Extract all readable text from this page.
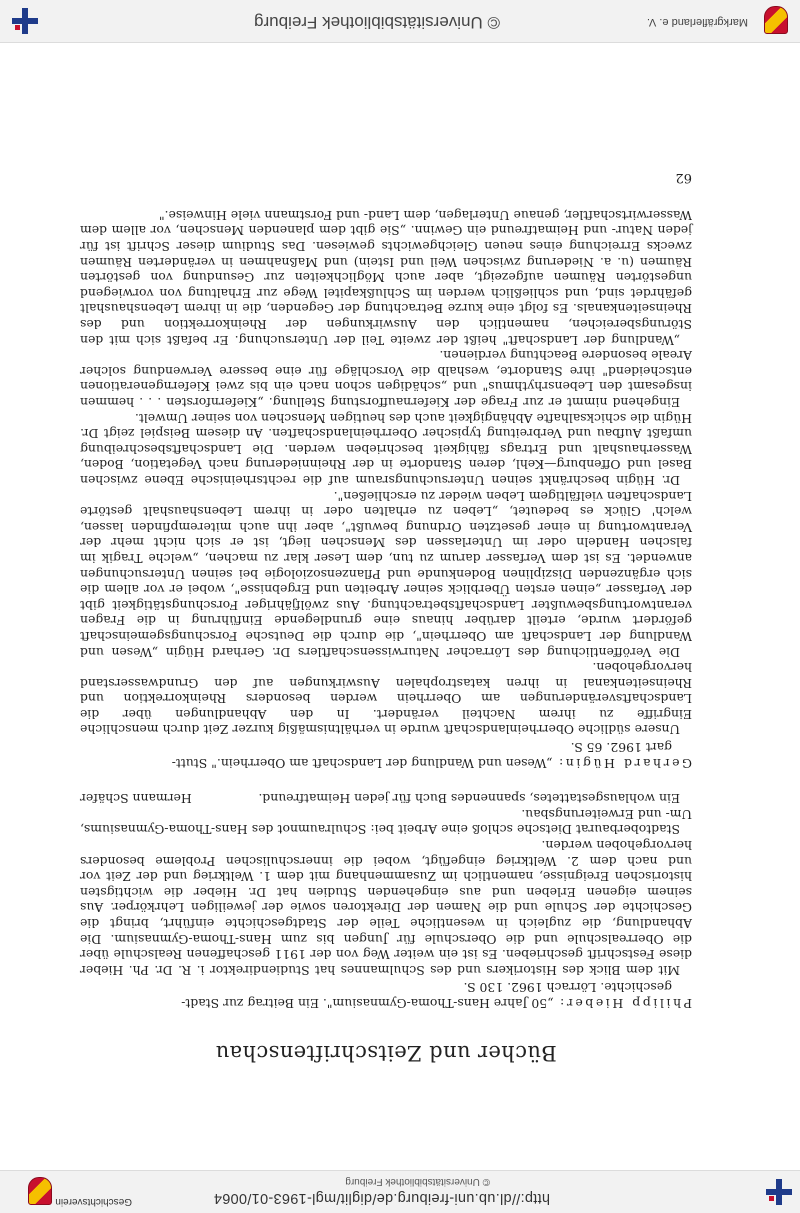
http://dl.ub.uni-freiburg.de/diglit/mgl-1963-01/0064
© Universitätsbibliothek Freiburg
Geschichtsverein
Bücher und Zeitschriftenschau

Philipp Hieber: „50 Jahre Hans-Thoma-Gymnasium". Ein Beitrag zur Stadt-
geschichte. Lörrach 1962. 130 S.

Mit dem Blick des Historikers und des Schulmannes hat Studiendirektor i. R. Dr. Ph. Hieber diese Festschrift geschrieben. Es ist ein weiter Weg von der 1911 geschaffenen Realschule über die Oberrealschule und die Oberschule für Jungen bis zum Hans-Thoma-Gymnasium. Die Abhandlung, die zugleich in wesentliche Teile der Stadtgeschichte einführt, bringt die Geschichte der Schule und die Namen der Direktoren sowie der jeweiligen Lehrkörper. Aus seinem eigenen Erleben und aus eingehenden Studien hat Dr. Hieber die wichtigsten historischen Ereignisse, namentlich im Zusammenhang mit dem 1. Weltkrieg und der Zeit vor und nach dem 2. Weltkrieg eingefügt, wobei die innerschulischen Probleme besonders hervorgehoben werden.

Stadtoberbaurat Dietsche schloß eine Arbeit bei: Schulraumnot des Hans-Thoma-Gymnasiums, Um- und Erweiterungsbau.

Ein wohlausgestattetes, spannendes Buch für jeden Heimatfreund.
Hermann Schäfer

Gerhard Hügin: „Wesen und Wandlung der Landschaft am Oberrhein." Stutt-
gart 1962. 65 S.

Unsere südliche Oberrheinlandschaft wurde in verhältnismäßig kurzer Zeit durch menschliche Eingriffe zu ihrem Nachteil verändert. In den Abhandlungen über die Landschaftsveränderungen am Oberrhein werden besonders Rheinkorrektion und Rheinseitenkanal in ihren katastrophalen Auswirkungen auf den Grundwasserstand hervorgehoben.

Die Veröffentlichung des Lörracher Naturwissenschaftlers Dr. Gerhard Hügin „Wesen und Wandlung der Landschaft am Oberrhein", die durch die Deutsche Forschungsgemeinschaft gefördert wurde, erteilt darüber hinaus eine grundlegende Einführung in die Fragen verantwortungsbewußter Landschaftsbetrachtung. Aus zwölfjähriger Forschungstätigkeit gibt der Verfasser „einen ersten Überblick seiner Arbeiten und Ergebnisse", wobei er vor allem die sich ergänzenden Disziplinen Bodenkunde und Pflanzensoziologie bei seinen Untersuchungen anwendet. Es ist dem Verfasser darum zu tun, dem Leser klar zu machen, „welche Tragik im falschen Handeln oder im Unterlassen des Menschen liegt, ist er sich nicht mehr der Verantwortung in einer gesetzten Ordnung bewußt", aber ihn auch miterempfinden lassen, welch' Glück es bedeutet, „Leben zu erhalten oder in ihrem Lebenshaushalt gestörte Landschaften vielfältigem Leben wieder zu erschließen".

Dr. Hügin beschränkt seinen Untersuchungsraum auf die rechtsrheinische Ebene zwischen Basel und Offenburg—Kehl, deren Standorte in der Rheinniederung nach Vegetation, Boden, Wasserhaushalt und Ertrags fähigkeit beschrieben werden. Die Landschaftsbeschreibung umfaßt Aufbau und Verbreitung typischer Oberrheinlandschaften. An diesem Beispiel zeigt Dr. Hügin die schicksalhafte Abhängigkeit auch des heutigen Menschen von seiner Umwelt.

Eingehend nimmt er zur Frage der Kiefernaufforstung Stellung. „Kiefernforsten . . . hemmen insgesamt den Lebensrhythmus" und „schädigen schon nach ein bis zwei Kieferngenerationen entscheidend" ihre Standorte, weshalb die Vorschläge für eine bessere Verwendung solcher Areale besondere Beachtung verdienen.

„Wandlung der Landschaft" heißt der zweite Teil der Untersuchung. Er befaßt sich mit den Störungsbereichen, namentlich den Auswirkungen der Rheinkorrektion und des Rheinseitenkanals. Es folgt eine kurze Betrachtung der Gegenden, die in ihrem Lebenshaushalt gefährdet sind, und schließlich werden im Schlußkapitel Wege zur Erhaltung von vorwiegend ungestörten Räumen aufgezeigt, aber auch Möglichkeiten zur Gesundung von gestörten Räumen (u. a. Niederung zwischen Weil und Istein) und Maßnahmen in veränderten Räumen zwecks Erreichung eines neuen Gleichgewichts gewiesen. Das Studium dieser Schrift ist für jeden Natur- und Heimatfreund ein Gewinn. „Sie gibt dem planenden Menschen, vor allem dem Wasserwirtschaftler, genaue Unterlagen, dem Land- und Forstmann viele Hinweise."

62
Markgräflerland e. V.
© Universitätsbibliothek Freiburg
